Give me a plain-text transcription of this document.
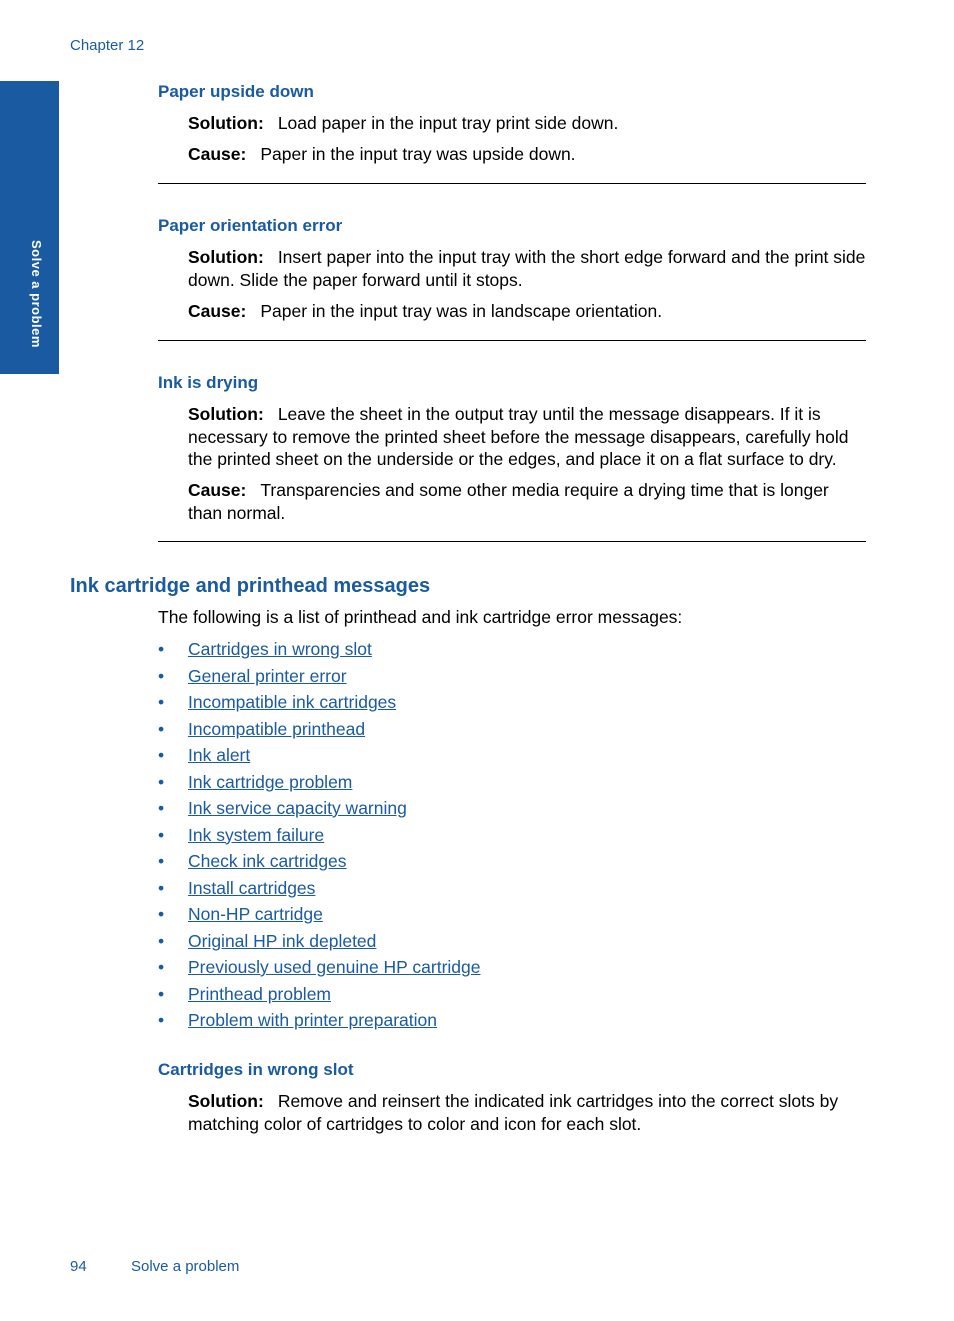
Chapter 12
Solve a problem
Paper upside down
Solution: Load paper in the input tray print side down.
Cause: Paper in the input tray was upside down.
Paper orientation error
Solution: Insert paper into the input tray with the short edge forward and the print side down. Slide the paper forward until it stops.
Cause: Paper in the input tray was in landscape orientation.
Ink is drying
Solution: Leave the sheet in the output tray until the message disappears. If it is necessary to remove the printed sheet before the message disappears, carefully hold the printed sheet on the underside or the edges, and place it on a flat surface to dry.
Cause: Transparencies and some other media require a drying time that is longer than normal.
Ink cartridge and printhead messages
The following is a list of printhead and ink cartridge error messages:
• Cartridges in wrong slot
• General printer error
• Incompatible ink cartridges
• Incompatible printhead
• Ink alert
• Ink cartridge problem
• Ink service capacity warning
• Ink system failure
• Check ink cartridges
• Install cartridges
• Non-HP cartridge
• Original HP ink depleted
• Previously used genuine HP cartridge
• Printhead problem
• Problem with printer preparation
Cartridges in wrong slot
Solution: Remove and reinsert the indicated ink cartridges into the correct slots by matching color of cartridges to color and icon for each slot.
94	Solve a problem
